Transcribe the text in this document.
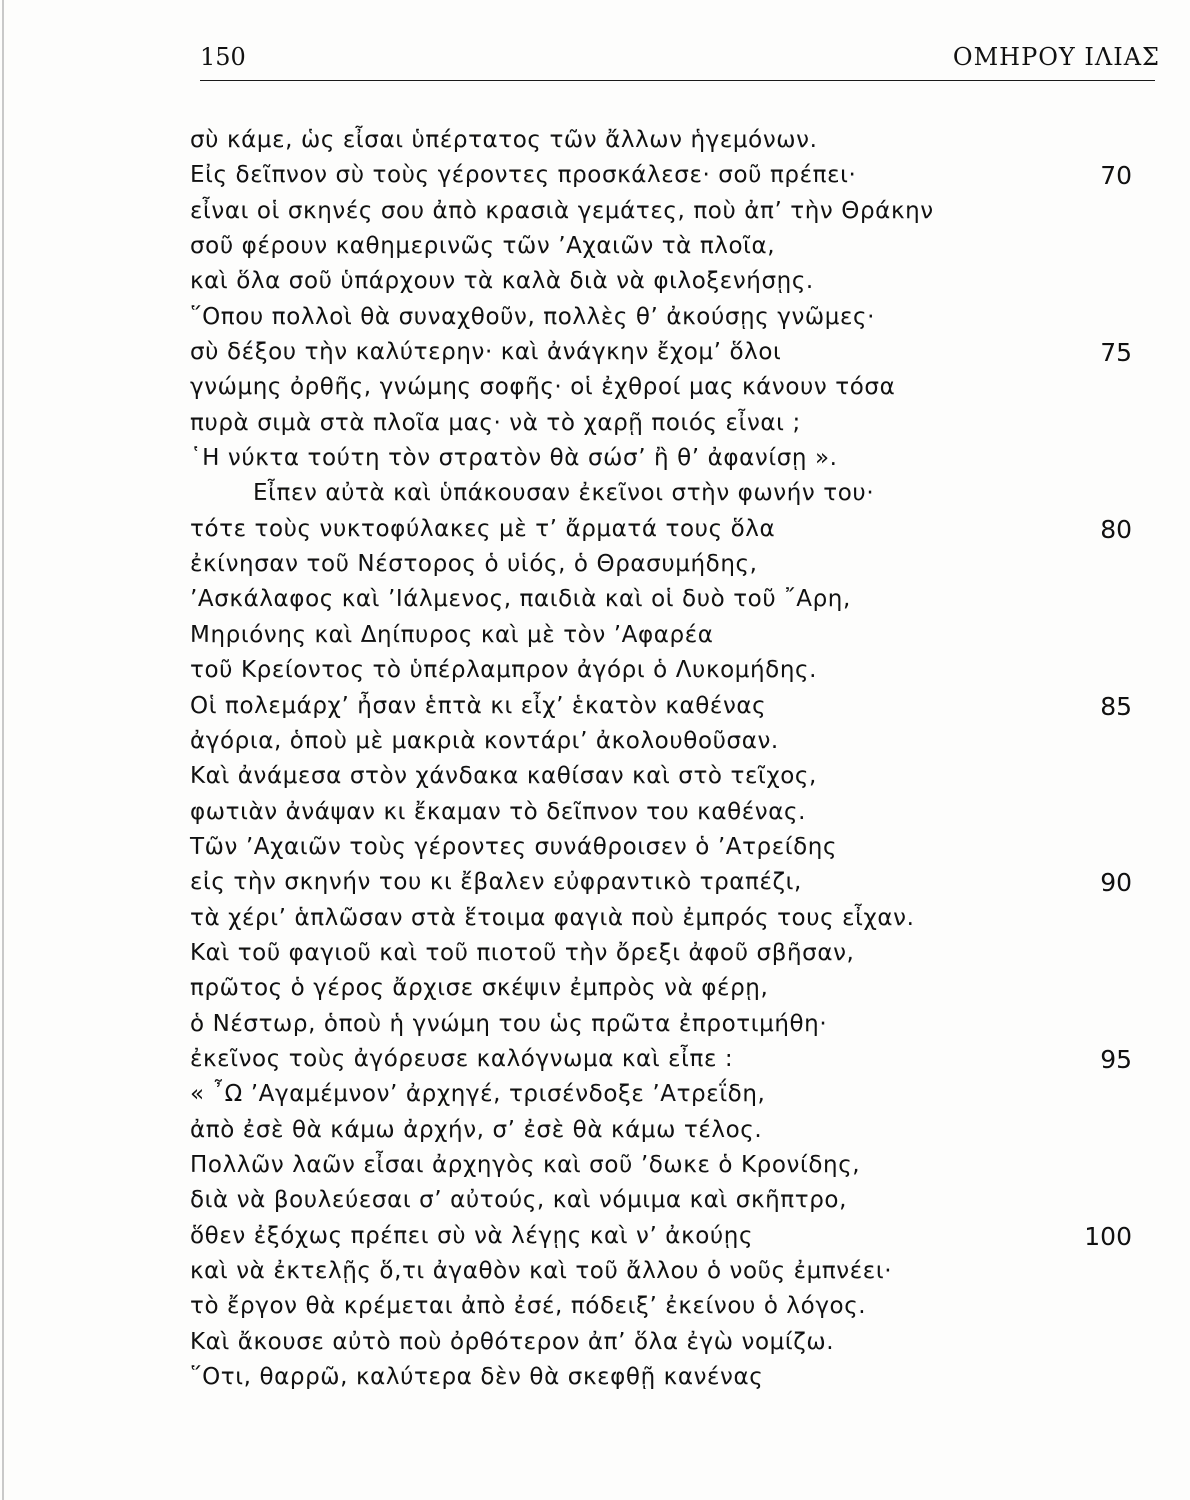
150	ΟΜΗΡΟΥ ΙΛΙΑΣ
σὺ κάμε, ὡς εἶσαι ὑπέρτατος τῶν ἄλλων ἡγεμόνων.
Εἰς δεῖπνον σὺ τοὺς γέροντες προσκάλεσε· σοῦ πρέπει·	70
εἶναι οἱ σκηνές σου ἀπὸ κρασιὰ γεμάτες, ποὺ ἀπ’ τὴν Θράκην
σοῦ φέρουν καθημερινῶς τῶν ’Αχαιῶν τὰ πλοῖα,
καὶ ὅλα σοῦ ὑπάρχουν τὰ καλὰ διὰ νὰ φιλοξενήσῃς.
῞Οπου πολλοὶ θὰ συναχθοῦν, πολλὲς θ’ ἀκούσῃς γνῶμες·
σὺ δέξου τὴν καλύτερην· καὶ ἀνάγκην ἔχομ’ ὅλοι	75
γνώμης ὀρθῆς, γνώμης σοφῆς· οἱ ἐχθροί μας κάνουν τόσα
πυρὰ σιμὰ στὰ πλοῖα μας· νὰ τὸ χαρῇ ποιός εἶναι ;
῾Η νύκτα τούτη τὸν στρατὸν θὰ σώσ’ ἢ θ’ ἀφανίσῃ ».
Εἶπεν αὐτὰ καὶ ὑπάκουσαν ἐκεῖνοι στὴν φωνήν του·
τότε τοὺς νυκτοφύλακες μὲ τ’ ἄρματά τους ὅλα	80
ἐκίνησαν τοῦ Νέστορος ὁ υἱός, ὁ Θρασυμήδης,
’Ασκάλαφος καὶ ’Ιάλμενος, παιδιὰ καὶ οἱ δυὸ τοῦ ῎Αρη,
Μηριόνης καὶ Δηίπυρος καὶ μὲ τὸν ’Αφαρέα
τοῦ Κρείοντος τὸ ὑπέρλαμπρον ἀγόρι ὁ Λυκομήδης.
Οἱ πολεμάρχ’ ἦσαν ἑπτὰ κι εἶχ’ ἑκατὸν καθένας	85
ἀγόρια, ὁποὺ μὲ μακριὰ κοντάρι’ ἀκολουθοῦσαν.
Καὶ ἀνάμεσα στὸν χάνδακα καθίσαν καὶ στὸ τεῖχος,
φωτιὰν ἀνάψαν κι ἔκαμαν τὸ δεῖπνον του καθένας.
Τῶν ’Αχαιῶν τοὺς γέροντες συνάθροισεν ὁ ’Ατρείδης
εἰς τὴν σκηνήν του κι ἔβαλεν εὐφραντικὸ τραπέζι,	90
τὰ χέρι’ ἁπλῶσαν στὰ ἕτοιμα φαγιὰ ποὺ ἐμπρός τους εἶχαν.
Καὶ τοῦ φαγιοῦ καὶ τοῦ πιοτοῦ τὴν ὄρεξι ἀφοῦ σβῆσαν,
πρῶτος ὁ γέρος ἄρχισε σκέψιν ἐμπρὸς νὰ φέρῃ,
ὁ Νέστωρ, ὁποὺ ἡ γνώμη του ὡς πρῶτα ἐπροτιμήθη·
ἐκεῖνος τοὺς ἀγόρευσε καλόγνωμα καὶ εἶπε :	95
« ῏Ω ’Αγαμέμνον’ ἀρχηγέ, τρισένδοξε ’Ατρεΐδη,
ἀπὸ ἐσὲ θὰ κάμω ἀρχήν, σ’ ἐσὲ θὰ κάμω τέλος.
Πολλῶν λαῶν εἶσαι ἀρχηγὸς καὶ σοῦ ’δωκε ὁ Κρονίδης,
διὰ νὰ βουλεύεσαι σ’ αὐτούς, καὶ νόμιμα καὶ σκῆπτρο,
ὅθεν ἐξόχως πρέπει σὺ νὰ λέγῃς καὶ ν’ ἀκούῃς	100
καὶ νὰ ἐκτελῇς ὅ,τι ἀγαθὸν καὶ τοῦ ἄλλου ὁ νοῦς ἐμπνέει·
τὸ ἔργον θὰ κρέμεται ἀπὸ ἐσέ, πόδειξ’ ἐκείνου ὁ λόγος.
Καὶ ἄκουσε αὐτὸ ποὺ ὀρθότερον ἀπ’ ὅλα ἐγὼ νομίζω.
῞Οτι, θαρρῶ, καλύτερα δὲν θὰ σκεφθῇ κανένας
